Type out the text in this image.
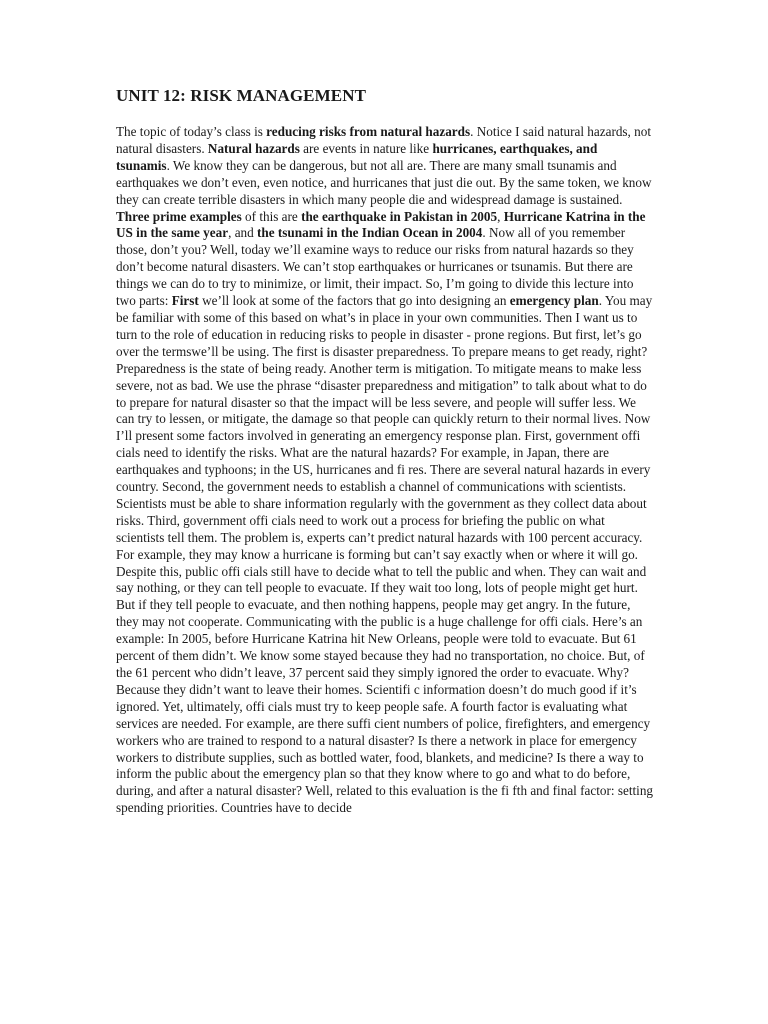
UNIT 12: RISK MANAGEMENT

The topic of today’s class is reducing risks from natural hazards. Notice I said natural hazards, not natural disasters. Natural hazards are events in nature like hurricanes, earthquakes, and tsunamis. We know they can be dangerous, but not all are. There are many small tsunamis and earthquakes we don’t even, even notice, and hurricanes that just die out. By the same token, we know they can create terrible disasters in which many people die and widespread damage is sustained. Three prime examples of this are the earthquake in Pakistan in 2005, Hurricane Katrina in the US in the same year, and the tsunami in the Indian Ocean in 2004. Now all of you remember those, don’t you? Well, today we’ll examine ways to reduce our risks from natural hazards so they don’t become natural disasters. We can’t stop earthquakes or hurricanes or tsunamis. But there are things we can do to try to minimize, or limit, their impact. So, I’m going to divide this lecture into two parts: First we’ll look at some of the factors that go into designing an emergency plan. You may be familiar with some of this based on what’s in place in your own communities. Then I want us to turn to the role of education in reducing risks to people in disaster - prone regions. But first, let’s go over the termswe’ll be using. The first is disaster preparedness. To prepare means to get ready, right? Preparedness is the state of being ready. Another term is mitigation. To mitigate means to make less severe, not as bad. We use the phrase “disaster preparedness and mitigation” to talk about what to do to prepare for natural disaster so that the impact will be less severe, and people will suffer less. We can try to lessen, or mitigate, the damage so that people can quickly return to their normal lives. Now I’ll present some factors involved in generating an emergency response plan. First, government offi cials need to identify the risks. What are the natural hazards? For example, in Japan, there are earthquakes and typhoons; in the US, hurricanes and fi res. There are several natural hazards in every country. Second, the government needs to establish a channel of communications with scientists. Scientists must be able to share information regularly with the government as they collect data about risks. Third, government offi cials need to work out a process for briefing the public on what scientists tell them. The problem is, experts can’t predict natural hazards with 100 percent accuracy. For example, they may know a hurricane is forming but can’t say exactly when or where it will go. Despite this, public offi cials still have to decide what to tell the public and when. They can wait and say nothing, or they can tell people to evacuate. If they wait too long, lots of people might get hurt. But if they tell people to evacuate, and then nothing happens, people may get angry. In the future, they may not cooperate. Communicating with the public is a huge challenge for offi cials. Here’s an example: In 2005, before Hurricane Katrina hit New Orleans, people were told to evacuate. But 61 percent of them didn’t. We know some stayed because they had no transportation, no choice. But, of the 61 percent who didn’t leave, 37 percent said they simply ignored the order to evacuate. Why? Because they didn’t want to leave their homes. Scientifi c information doesn’t do much good if it’s ignored. Yet, ultimately, offi cials must try to keep people safe. A fourth factor is evaluating what services are needed. For example, are there suffi cient numbers of police, firefighters, and emergency workers who are trained to respond to a natural disaster? Is there a network in place for emergency workers to distribute supplies, such as bottled water, food, blankets, and medicine? Is there a way to inform the public about the emergency plan so that they know where to go and what to do before, during, and after a natural disaster? Well, related to this evaluation is the fi fth and final factor: setting spending priorities. Countries have to decide
